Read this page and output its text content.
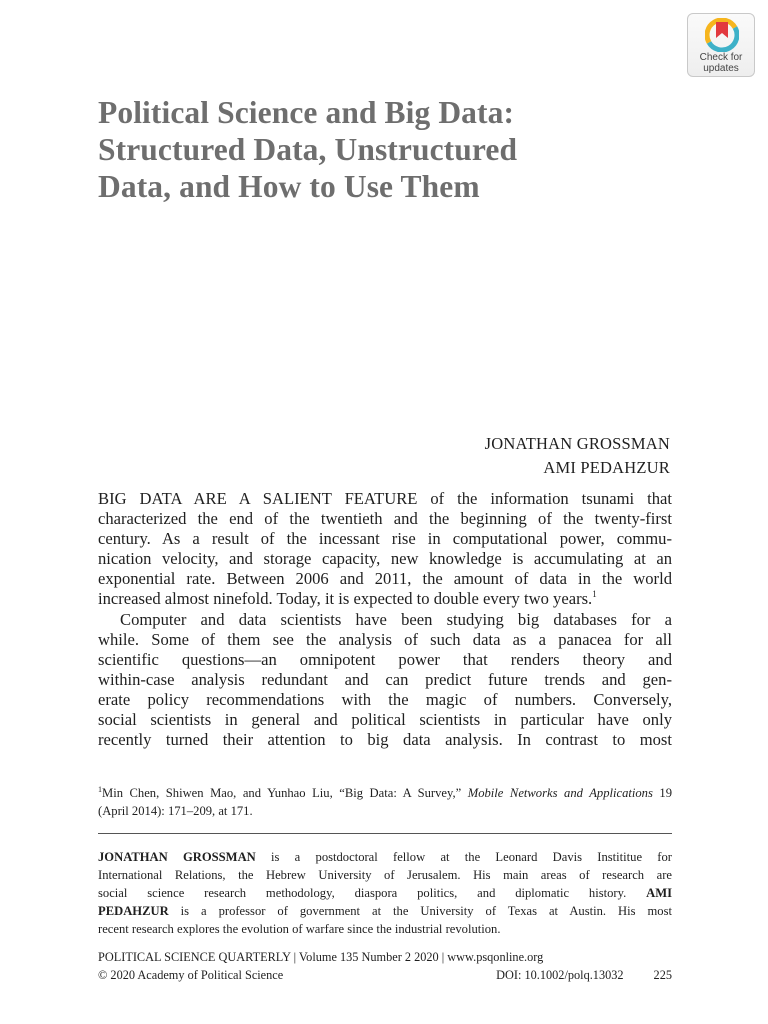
Check for
updates
Political Science and Big Data:
Structured Data, Unstructured
Data, and How to Use Them
JONATHAN GROSSMAN
AMI PEDAHZUR
BIG DATA ARE A SALIENT FEATURE of the information tsunami that
characterized the end of the twentieth and the beginning of the twenty-first
century. As a result of the incessant rise in computational power, commu-
nication velocity, and storage capacity, new knowledge is accumulating at an
exponential rate. Between 2006 and 2011, the amount of data in the world
increased almost ninefold. Today, it is expected to double every two years.$^1$
Computer and data scientists have been studying big databases for a
while. Some of them see the analysis of such data as a panacea for all
scientific questions—an omnipotent power that renders theory and
within-case analysis redundant and can predict future trends and gen-
erate policy recommendations with the magic of numbers. Conversely,
social scientists in general and political scientists in particular have only
recently turned their attention to big data analysis. In contrast to most
$^1$Min Chen, Shiwen Mao, and Yunhao Liu, “Big Data: A Survey,” Mobile Networks and Applications 19
(April 2014): 171–209, at 171.
JONATHAN GROSSMAN is a postdoctoral fellow at the Leonard Davis Instititue for
International Relations, the Hebrew University of Jerusalem. His main areas of research are
social science research methodology, diaspora politics, and diplomatic history. AMI
PEDAHZUR is a professor of government at the University of Texas at Austin. His most
recent research explores the evolution of warfare since the industrial revolution.
POLITICAL SCIENCE QUARTERLY | Volume 135 Number 2 2020 | www.psqonline.org
© 2020 Academy of Political Science	DOI: 10.1002/polq.13032 225
